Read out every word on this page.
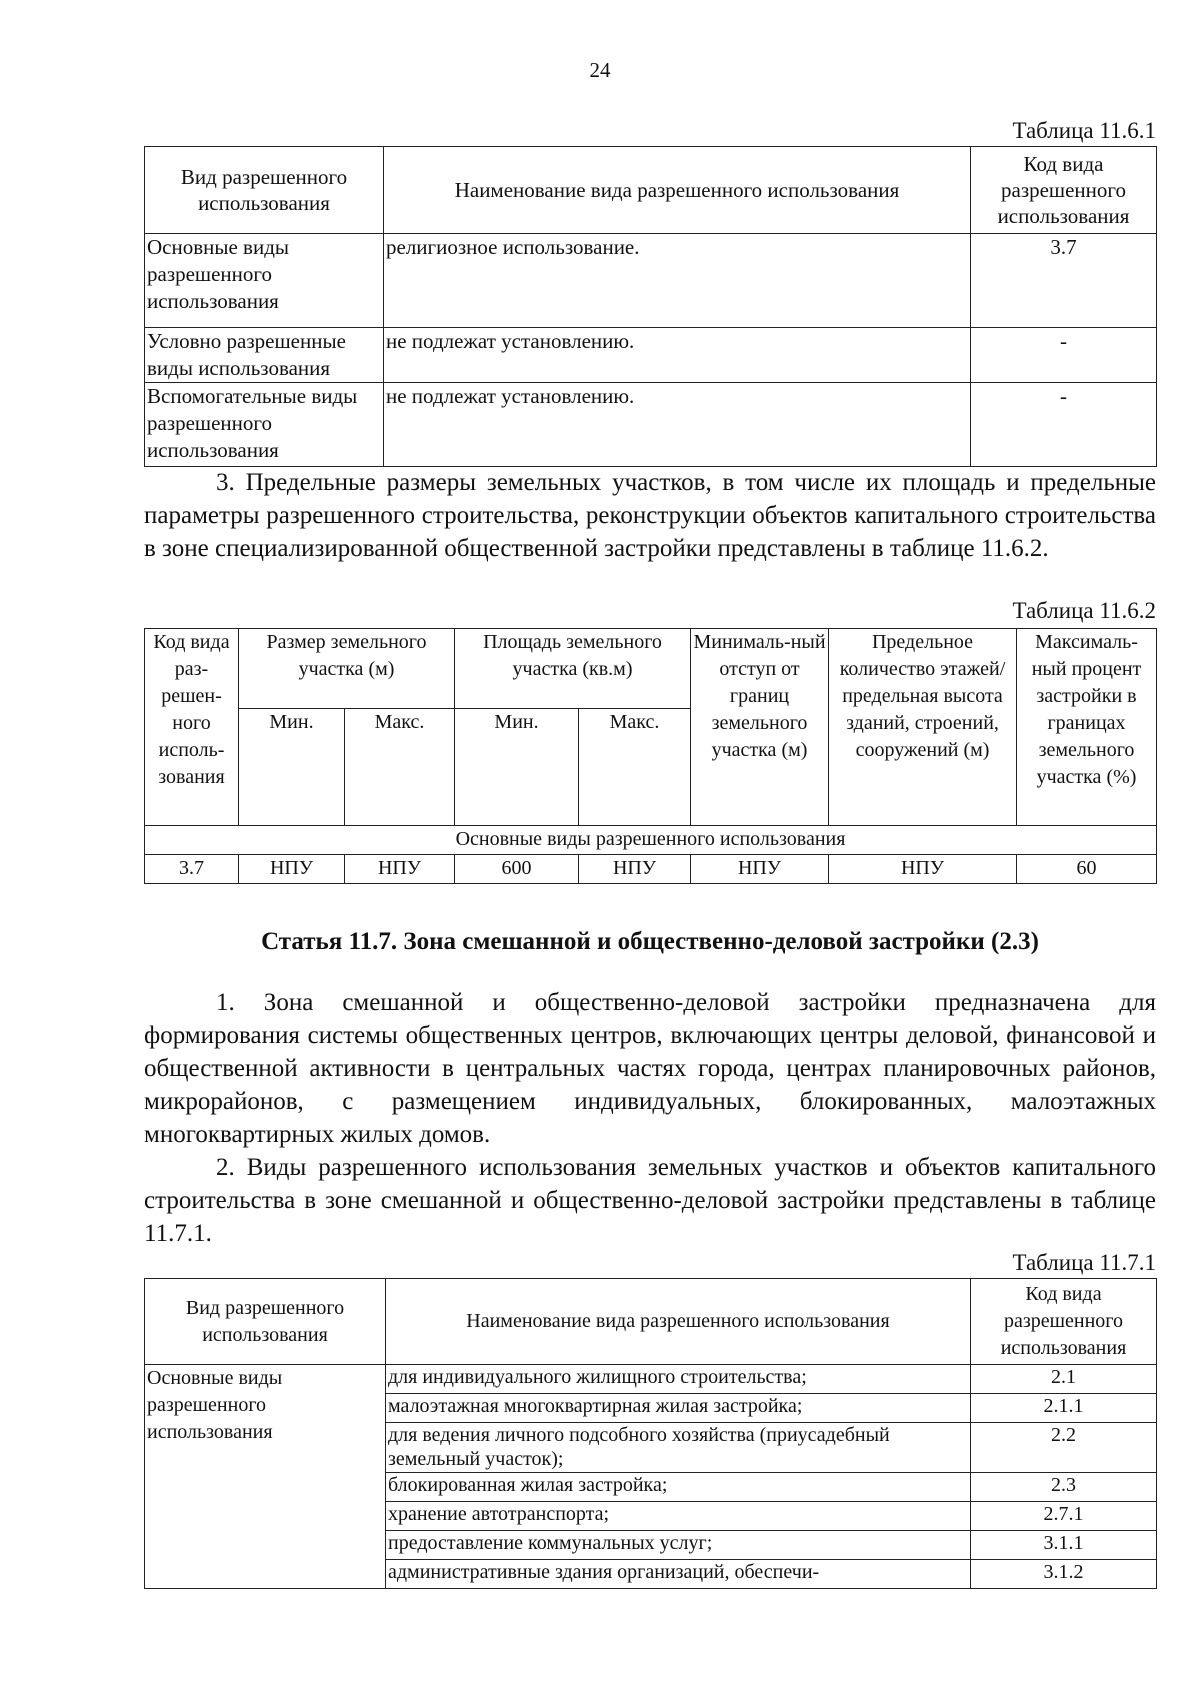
24
Таблица 11.6.1
Вид разрешенного использования	Наименование вида разрешенного использования	Код вида разрешенного использования
Основные виды разрешенного использования	религиозное использование.	3.7
Условно разрешенные виды использования	не подлежат установлению.	-
Вспомогательные виды разрешенного использования	не подлежат установлению.	-

3. Предельные размеры земельных участков, в том числе их площадь и предельные параметры разрешенного строительства, реконструкции объектов капитального строительства в зоне специализированной общественной застройки представлены в таблице 11.6.2.

Таблица 11.6.2
Код вида раз-решен-ного исполь-зования	Размер земельного участка (м)		Площадь земельного участка (кв.м)		Минималь-ный отступ от границ земельного участка (м)	Предельное количество этажей/ предельная высота зданий, строений, сооружений (м)	Максималь-ный процент застройки в границах земельного участка (%)
	Мин.	Макс.	Мин.	Макс.			
Основные виды разрешенного использования							
3.7	НПУ	НПУ	600	НПУ	НПУ	НПУ	60
Статья 11.7. Зона смешанной и общественно-деловой застройки (2.3)

1. Зона смешанной и общественно-деловой застройки предназначена для формирования системы общественных центров, включающих центры деловой, финансовой и общественной активности в центральных частях города, центрах планировочных районов, микрорайонов, с размещением индивидуальных, блокированных, малоэтажных многоквартирных жилых домов.

2. Виды разрешенного использования земельных участков и объектов капитального строительства в зоне смешанной и общественно-деловой застройки представлены в таблице 11.7.1.

Таблица 11.7.1
Вид разрешенного использования	Наименование вида разрешенного использования	Код вида разрешенного использования
Основные виды разрешенного использования	для индивидуального жилищного строительства;	2.1
	малоэтажная многоквартирная жилая застройка;	2.1.1
	для ведения личного подсобного хозяйства (приусадебный земельный участок);	2.2
	блокированная жилая застройка;	2.3
	хранение автотранспорта;	2.7.1
	предоставление коммунальных услуг;	3.1.1
	административные здания организаций, обеспечи-	3.1.2
